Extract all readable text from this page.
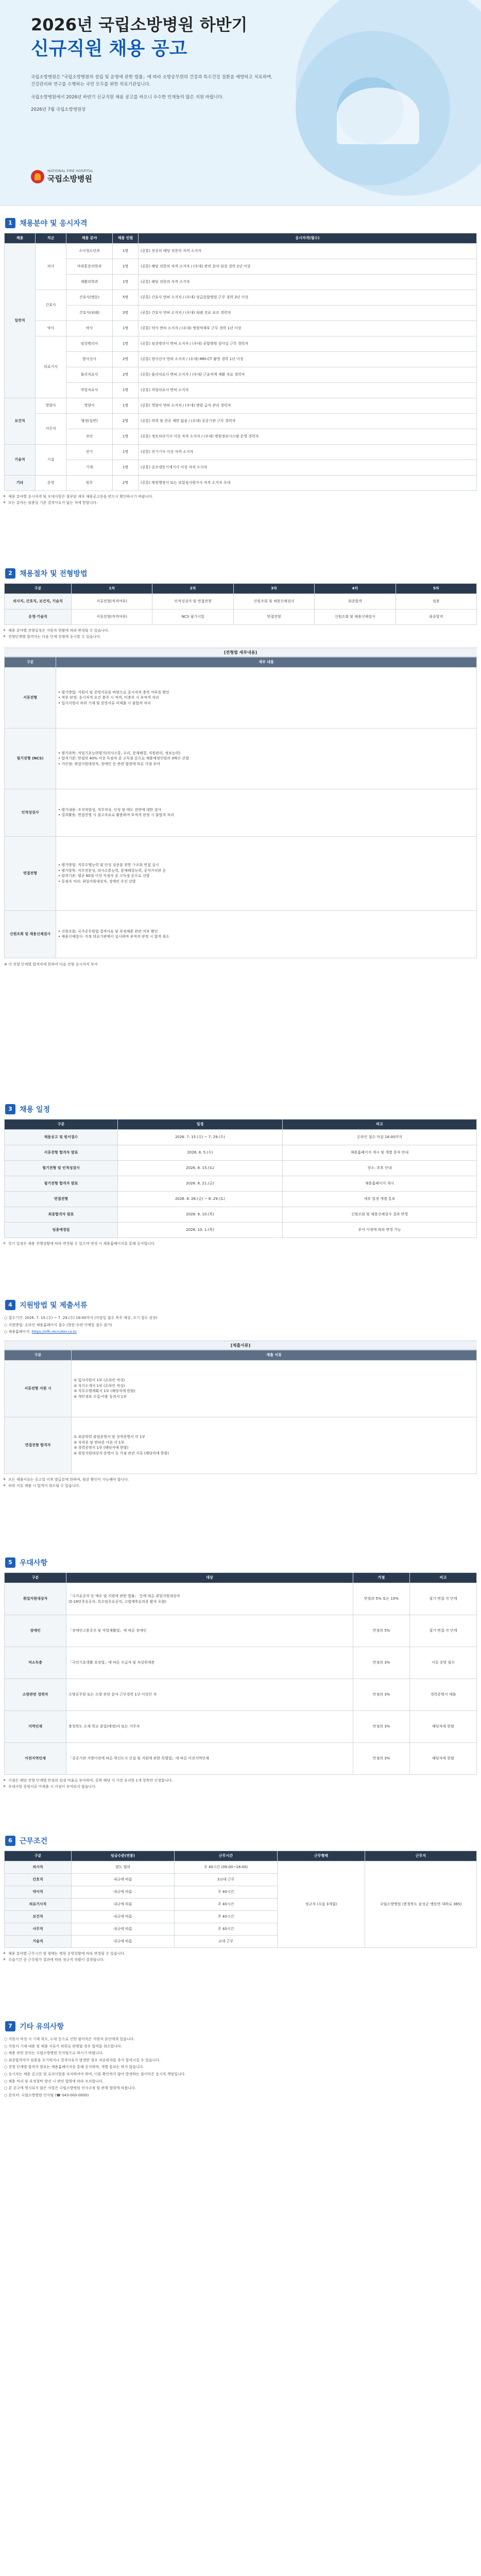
2026년 국립소방병원 하반기
신규직원 채용 공고

국립소방병원은 "국립소방병원의 설립 및 운영에 관한 법률」에 따라 소방공무원의 건강과 특수건강 질환을 예방하고 치료하며, 건강관리와 연구를 수행하는 국민 모두를 위한 의료기관입니다.

국립소방병원에서 2026년 하반기 신규직원 채용 공고를 하오니 우수한 인재들의 많은 지원 바랍니다.

2026년 7월 국립소방병원장

NATIONAL FIRE HOSPITAL
국립소방병원
1	채용분야 및 응시자격
채용	직군	채용 분야	채용 인원	응시자격(필수)
일반직	의사	소아청소년과	1명	(공통) 전공의 해당 전문의 자격 소지자
		마취통증의학과	1명	(공통) 해당 전문의 자격 소지자 / (우대) 관련 분야 임상 경력 2년 이상
		재활의학과	1명	(공통) 해당 전문의 자격 소지자
	간호사	간호사(병동)	5명	(공통) 간호사 면허 소지자 / (우대) 상급종합병원 근무 경력 2년 이상
		간호사(외래)	3명	(공통) 간호사 면허 소지자 / (우대) 외래 진료 보조 경력자
	약사	약사	1명	(공통) 약사 면허 소지자 / (우대) 병원약제부 근무 경력 1년 이상
	의료기사	임상병리사	1명	(공통) 임상병리사 면허 소지자 / (우대) 종합병원 검사실 근무 경력자
		방사선사	2명	(공통) 방사선사 면허 소지자 / (우대) MRI·CT 촬영 경력 1년 이상
		물리치료사	2명	(공통) 물리치료사 면허 소지자 / (우대) 근골격계 재활 치료 경력자
		작업치료사	1명	(공통) 작업치료사 면허 소지자
보건직	영양사	영양사	1명	(공통) 영양사 면허 소지자 / (우대) 병원 급식 관리 경력자
	사무직	행정(일반)	2명	(공통) 학력 및 전공 제한 없음 / (우대) 공공기관 근무 경력자
		전산	1명	(공통) 정보처리기사 이상 자격 소지자 / (우대) 병원정보시스템 운영 경력자
기술직	시설	전기	1명	(공통) 전기기사 이상 자격 소지자
		기계	1명	(공통) 공조냉동기계기사 이상 자격 소지자
기타	운영	원무	2명	(공통) 병원행정사 또는 보험심사평가사 자격 소지자 우대
※ 채용 분야별 응시자격 및 우대사항은 첨부된 세부 채용공고문을 반드시 확인하시기 바랍니다.
※ 모든 분야는 임용일 기준 결격사유가 없는 자에 한합니다.
2	채용절차 및 전형방법
구분	1차	2차	3차	4차	5차
의사직, 간호직, 보건직, 기술직	서류전형(적격여부)	인적성검사 및 면접전형	신원조회 및 채용신체검사	최종합격	임용
운영·기술직	서류전형(적격여부)	NCS 필기시험	면접전형	신원조회 및 채용신체검사	최종합격
※ 채용 분야별 전형일정은 지원자 현황에 따라 변경될 수 있습니다.
※ 전형단계별 합격자는 다음 단계 전형에 응시할 수 있습니다.
[전형별 세부내용]
구분	세부 내용
서류전형	• 평가방법: 지원서 및 증빙서류를 바탕으로 응시자격 충족 여부를 확인
• 적부 판정: 응시자격 요건 충족 시 적격, 미충족 시 부적격 처리
• 입사지원서 허위 기재 및 증빙서류 미제출 시 불합격 처리

필기전형 (NCS)	• 평가과목: 직업기초능력평가(의사소통, 수리, 문제해결, 자원관리, 정보능력)
• 합격기준: 만점의 40% 이상 득점자 중 고득점 순으로 채용예정인원의 3배수 선발
• 가산점: 취업지원대상자, 장애인 등 관련 법령에 따른 가점 부여

인적성검사	• 평가내용: 조직적합성, 직무적성, 인성 및 태도 전반에 대한 검사
• 결과활용: 면접전형 시 참고자료로 활용하며 부적격 판정 시 불합격 처리

면접전형	• 평가방법: 직무수행능력 및 인성 검증을 위한 구조화 면접 실시
• 평가항목: 직무전문성, 의사소통능력, 문제해결능력, 공직가치관 등
• 합격기준: 평균 60점 이상 득점자 중 고득점 순으로 선발
• 동점자 처리: 취업지원대상자, 장애인 우선 선발

신원조회 및 채용신체검사	• 신원조회: 국가공무원법 결격사유 및 부정채용 관련 여부 확인
• 채용신체검사: 지정 의료기관에서 실시하며 부적격 판정 시 합격 취소
※ 각 전형 단계별 합격자에 한하여 다음 전형 응시자격 부여
3	채용 일정
구분	일정	비고
채용공고 및 원서접수	2026. 7. 15.(수) ~ 7. 29.(수)	온라인 접수 마감 18:00까지
서류전형 합격자 발표	2026. 8. 5.(수)	채용홈페이지 게시 및 개별 문자 안내
필기전형 및 인적성검사	2026. 8. 15.(토)	장소: 추후 안내
필기전형 합격자 발표	2026. 8. 21.(금)	채용홈페이지 게시
면접전형	2026. 8. 28.(금) ~ 8. 29.(토)	세부 일정 개별 통보
최종합격자 발표	2026. 9. 10.(목)	신원조회 및 채용신체검사 결과 반영
임용예정일	2026. 10. 1.(목)	부서 사정에 따라 변경 가능
※ 상기 일정은 채용 진행상황에 따라 변경될 수 있으며 변경 시 채용홈페이지를 통해 공지합니다.
4	지원방법 및 제출서류

○ 접수기간: 2026. 7. 15.(수) ~ 7. 29.(수) 18:00까지 (마감일 접수 폭주 예상, 조기 접수 권장)

○ 지원방법: 온라인 채용홈페이지 접수 (방문·우편·이메일 접수 불가)

○ 채용홈페이지: https://nfh.recruiter.co.kr

[제출서류]
구분	제출 서류
서류전형 지원 시	① 입사지원서 1부 (온라인 작성)
② 자기소개서 1부 (온라인 작성)
③ 직무수행계획서 1부 (해당자에 한함)
④ 개인정보 수집·이용 동의서 1부

면접전형 합격자	① 최종학력 졸업증명서 및 성적증명서 각 1부
② 자격증 및 면허증 사본 각 1부
③ 경력증명서 1부 (해당자에 한함)
④ 취업지원대상자 증명서 등 가점 관련 서류 (해당자에 한함)
※ 모든 제출서류는 공고일 이후 발급분에 한하며, 원본 확인이 가능해야 합니다.
※ 허위 서류 제출 시 합격이 취소될 수 있습니다.
5	우대사항
구분	대상	가점	비고
취업지원대상자	「국가유공자 등 예우 및 지원에 관한 법률」 등에 따른 취업지원대상자
(5·18민주유공자, 특수임무유공자, 고엽제후유의증 환자 포함)	만점의 5% 또는 10%	필기·면접 각 단계
장애인	「장애인고용촉진 및 직업재활법」에 따른 장애인	만점의 5%	필기·면접 각 단계
저소득층	「국민기초생활 보장법」에 따른 수급자 및 차상위계층	만점의 3%	서류 증빙 필수
소방관련 경력자	소방공무원 또는 소방 관련 분야 근무경력 1년 이상인 자	만점의 3%	경력증명서 제출
지역인재	충청북도 소재 학교 졸업(예정)자 또는 거주자	만점의 3%	해당자에 한함
이전지역인재	「공공기관 지방이전에 따른 혁신도시 건설 및 지원에 관한 특별법」에 따른 이전지역인재	만점의 3%	해당자에 한함
※ 가점은 해당 전형 단계별 만점의 일정 비율로 부여하며, 중복 해당 시 가장 유리한 1개 항목만 인정합니다.
※ 우대사항 증빙서류 미제출 시 가점이 부여되지 않습니다.
6	근무조건
구분	임금수준(연봉)	근무시간	근무형태	근무지
의사직	별도 협의	주 40시간 (09:00~18:00)	정규직 (수습 3개월)	국립소방병원 (충청북도 음성군 맹동면 대하로 365)
간호직	내규에 따름	3교대 근무		
약사직	내규에 따름	주 40시간		
의료기사직	내규에 따름	주 40시간		
보건직	내규에 따름	주 40시간		
사무직	내규에 따름	주 40시간		
기술직	내규에 따름	교대 근무		
※ 채용 분야별 근무시간 및 형태는 병원 운영상황에 따라 변경될 수 있습니다.
※ 수습기간 중 근무평가 결과에 따라 정규직 전환이 결정됩니다.
7	기타 유의사항

○ 지원서 작성 시 기재 착오, 누락 등으로 인한 불이익은 지원자 본인에게 있습니다.

○ 지원서 기재 내용 및 제출 서류가 허위로 판명될 경우 합격을 취소합니다.

○ 채용 관련 문의는 국립소방병원 인사팀으로 하시기 바랍니다.

○ 최종합격자가 임용을 포기하거나 결격사유가 발생한 경우 차순위자를 추가 합격시킬 수 있습니다.

○ 전형 단계별 합격자 발표는 채용홈페이지를 통해 공지하며, 개별 통보는 하지 않습니다.

○ 응시자는 채용 공고문 및 유의사항을 숙지하여야 하며, 이를 확인하지 않아 발생하는 불이익은 응시자 책임입니다.

○ 채용 비리 및 부정청탁 발견 시 관련 법령에 따라 조치합니다.

○ 본 공고에 명시되지 않은 사항은 국립소방병원 인사규정 및 관계 법령에 따릅니다.

○ 문의처: 국립소방병원 인사팀 (☎ 043-000-0000)
